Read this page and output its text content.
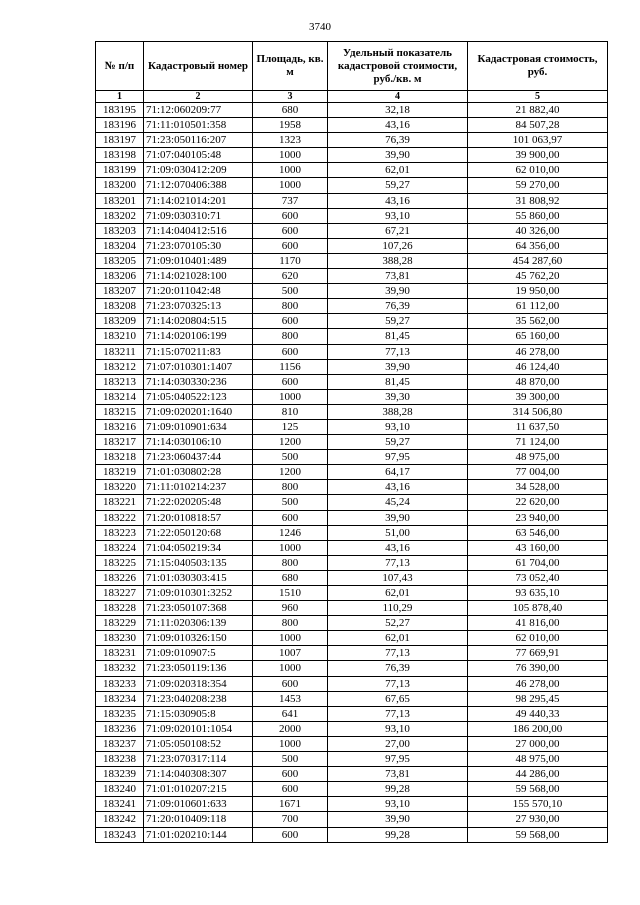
3740
№ п/п	Кадастровый номер	Площадь, кв. м	Удельный показатель кадастровой стоимости, руб./кв. м	Кадастровая стоимость, руб.
1	2	3	4	5
183195	71:12:060209:77	680	32,18	21 882,40
183196	71:11:010501:358	1958	43,16	84 507,28
183197	71:23:050116:207	1323	76,39	101 063,97
183198	71:07:040105:48	1000	39,90	39 900,00
183199	71:09:030412:209	1000	62,01	62 010,00
183200	71:12:070406:388	1000	59,27	59 270,00
183201	71:14:021014:201	737	43,16	31 808,92
183202	71:09:030310:71	600	93,10	55 860,00
183203	71:14:040412:516	600	67,21	40 326,00
183204	71:23:070105:30	600	107,26	64 356,00
183205	71:09:010401:489	1170	388,28	454 287,60
183206	71:14:021028:100	620	73,81	45 762,20
183207	71:20:011042:48	500	39,90	19 950,00
183208	71:23:070325:13	800	76,39	61 112,00
183209	71:14:020804:515	600	59,27	35 562,00
183210	71:14:020106:199	800	81,45	65 160,00
183211	71:15:070211:83	600	77,13	46 278,00
183212	71:07:010301:1407	1156	39,90	46 124,40
183213	71:14:030330:236	600	81,45	48 870,00
183214	71:05:040522:123	1000	39,30	39 300,00
183215	71:09:020201:1640	810	388,28	314 506,80
183216	71:09:010901:634	125	93,10	11 637,50
183217	71:14:030106:10	1200	59,27	71 124,00
183218	71:23:060437:44	500	97,95	48 975,00
183219	71:01:030802:28	1200	64,17	77 004,00
183220	71:11:010214:237	800	43,16	34 528,00
183221	71:22:020205:48	500	45,24	22 620,00
183222	71:20:010818:57	600	39,90	23 940,00
183223	71:22:050120:68	1246	51,00	63 546,00
183224	71:04:050219:34	1000	43,16	43 160,00
183225	71:15:040503:135	800	77,13	61 704,00
183226	71:01:030303:415	680	107,43	73 052,40
183227	71:09:010301:3252	1510	62,01	93 635,10
183228	71:23:050107:368	960	110,29	105 878,40
183229	71:11:020306:139	800	52,27	41 816,00
183230	71:09:010326:150	1000	62,01	62 010,00
183231	71:09:010907:5	1007	77,13	77 669,91
183232	71:23:050119:136	1000	76,39	76 390,00
183233	71:09:020318:354	600	77,13	46 278,00
183234	71:23:040208:238	1453	67,65	98 295,45
183235	71:15:030905:8	641	77,13	49 440,33
183236	71:09:020101:1054	2000	93,10	186 200,00
183237	71:05:050108:52	1000	27,00	27 000,00
183238	71:23:070317:114	500	97,95	48 975,00
183239	71:14:040308:307	600	73,81	44 286,00
183240	71:01:010207:215	600	99,28	59 568,00
183241	71:09:010601:633	1671	93,10	155 570,10
183242	71:20:010409:118	700	39,90	27 930,00
183243	71:01:020210:144	600	99,28	59 568,00
